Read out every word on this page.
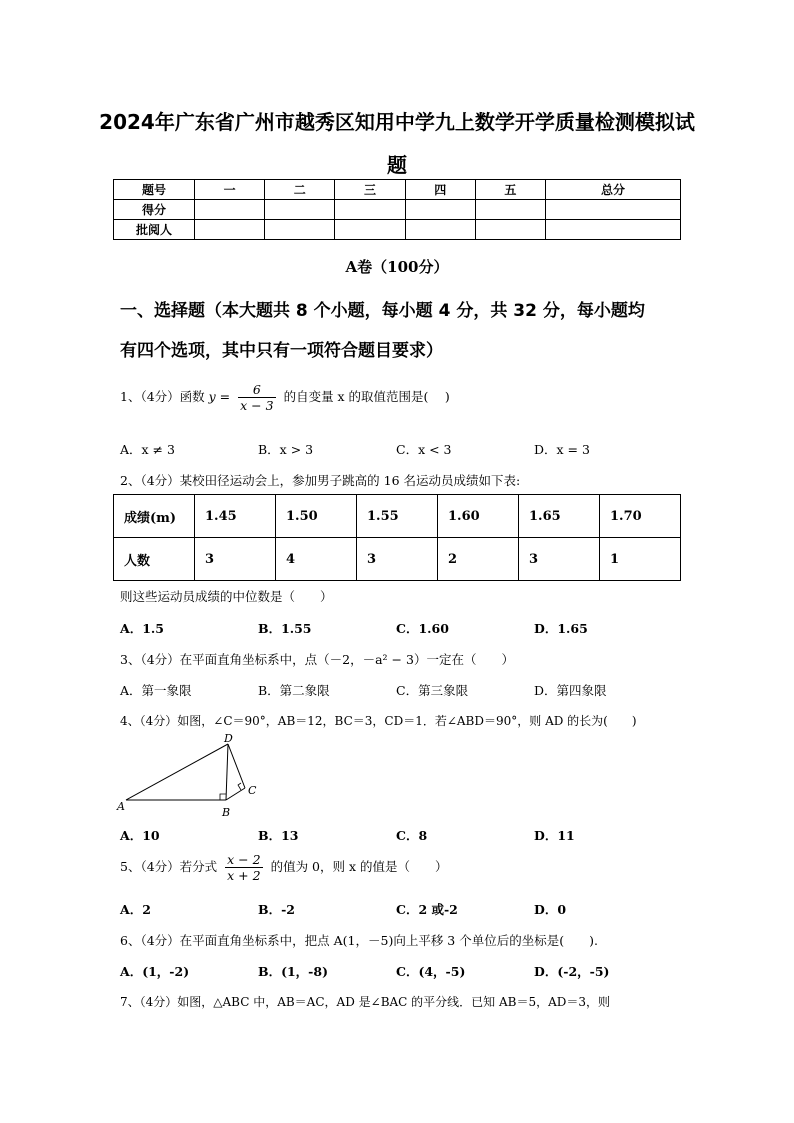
2024年广东省广州市越秀区知用中学九上数学开学质量检测模拟试
题
题号	一	二	三	四	五	总分
得分						
批阅人						
A卷（100分）
一、选择题（本大题共 8 个小题，每小题 4 分，共 32 分，每小题均
有四个选项，其中只有一项符合题目要求）
1、（4分）函数 $y = \frac{6}{x - 3}$ 的自变量 x 的取值范围是(　 )
A．x ≠ 3	B．x > 3	C．x < 3	D．x = 3
2、（4分）某校田径运动会上，参加男子跳高的 16 名运动员成绩如下表:
成绩(m)	1.45	1.50	1.55	1.60	1.65	1.70
人数	3	4	3	2	3	1
则这些运动员成绩的中位数是（　　）
A．1.5	B．1.55	C．1.60	D．1.65
3、（4分）在平面直角坐标系中，点（－2，－a² − 3）一定在（　　）
A．第一象限	B．第二象限	C．第三象限	D．第四象限
4、（4分）如图，∠C＝90°，AB＝12，BC＝3，CD＝1．若∠ABD＝90°，则 AD 的长为(　　)
A	B
C
D
A．10	B．13	C．8	D．11
5、（4分）若分式 $\frac{x - 2}{x + 2}$ 的值为 0，则 x 的值是（　　）
A．2	B．-2	C．2 或-2	D．0
6、（4分）在平面直角坐标系中，把点 A(1，－5)向上平移 3 个单位后的坐标是(　　).
A．(1，-2)	B．(1，-8)	C．(4，-5)	D．(-2，-5)
7、（4分）如图，△ABC 中，AB＝AC，AD 是∠BAC 的平分线．已知 AB＝5，AD＝3，则
